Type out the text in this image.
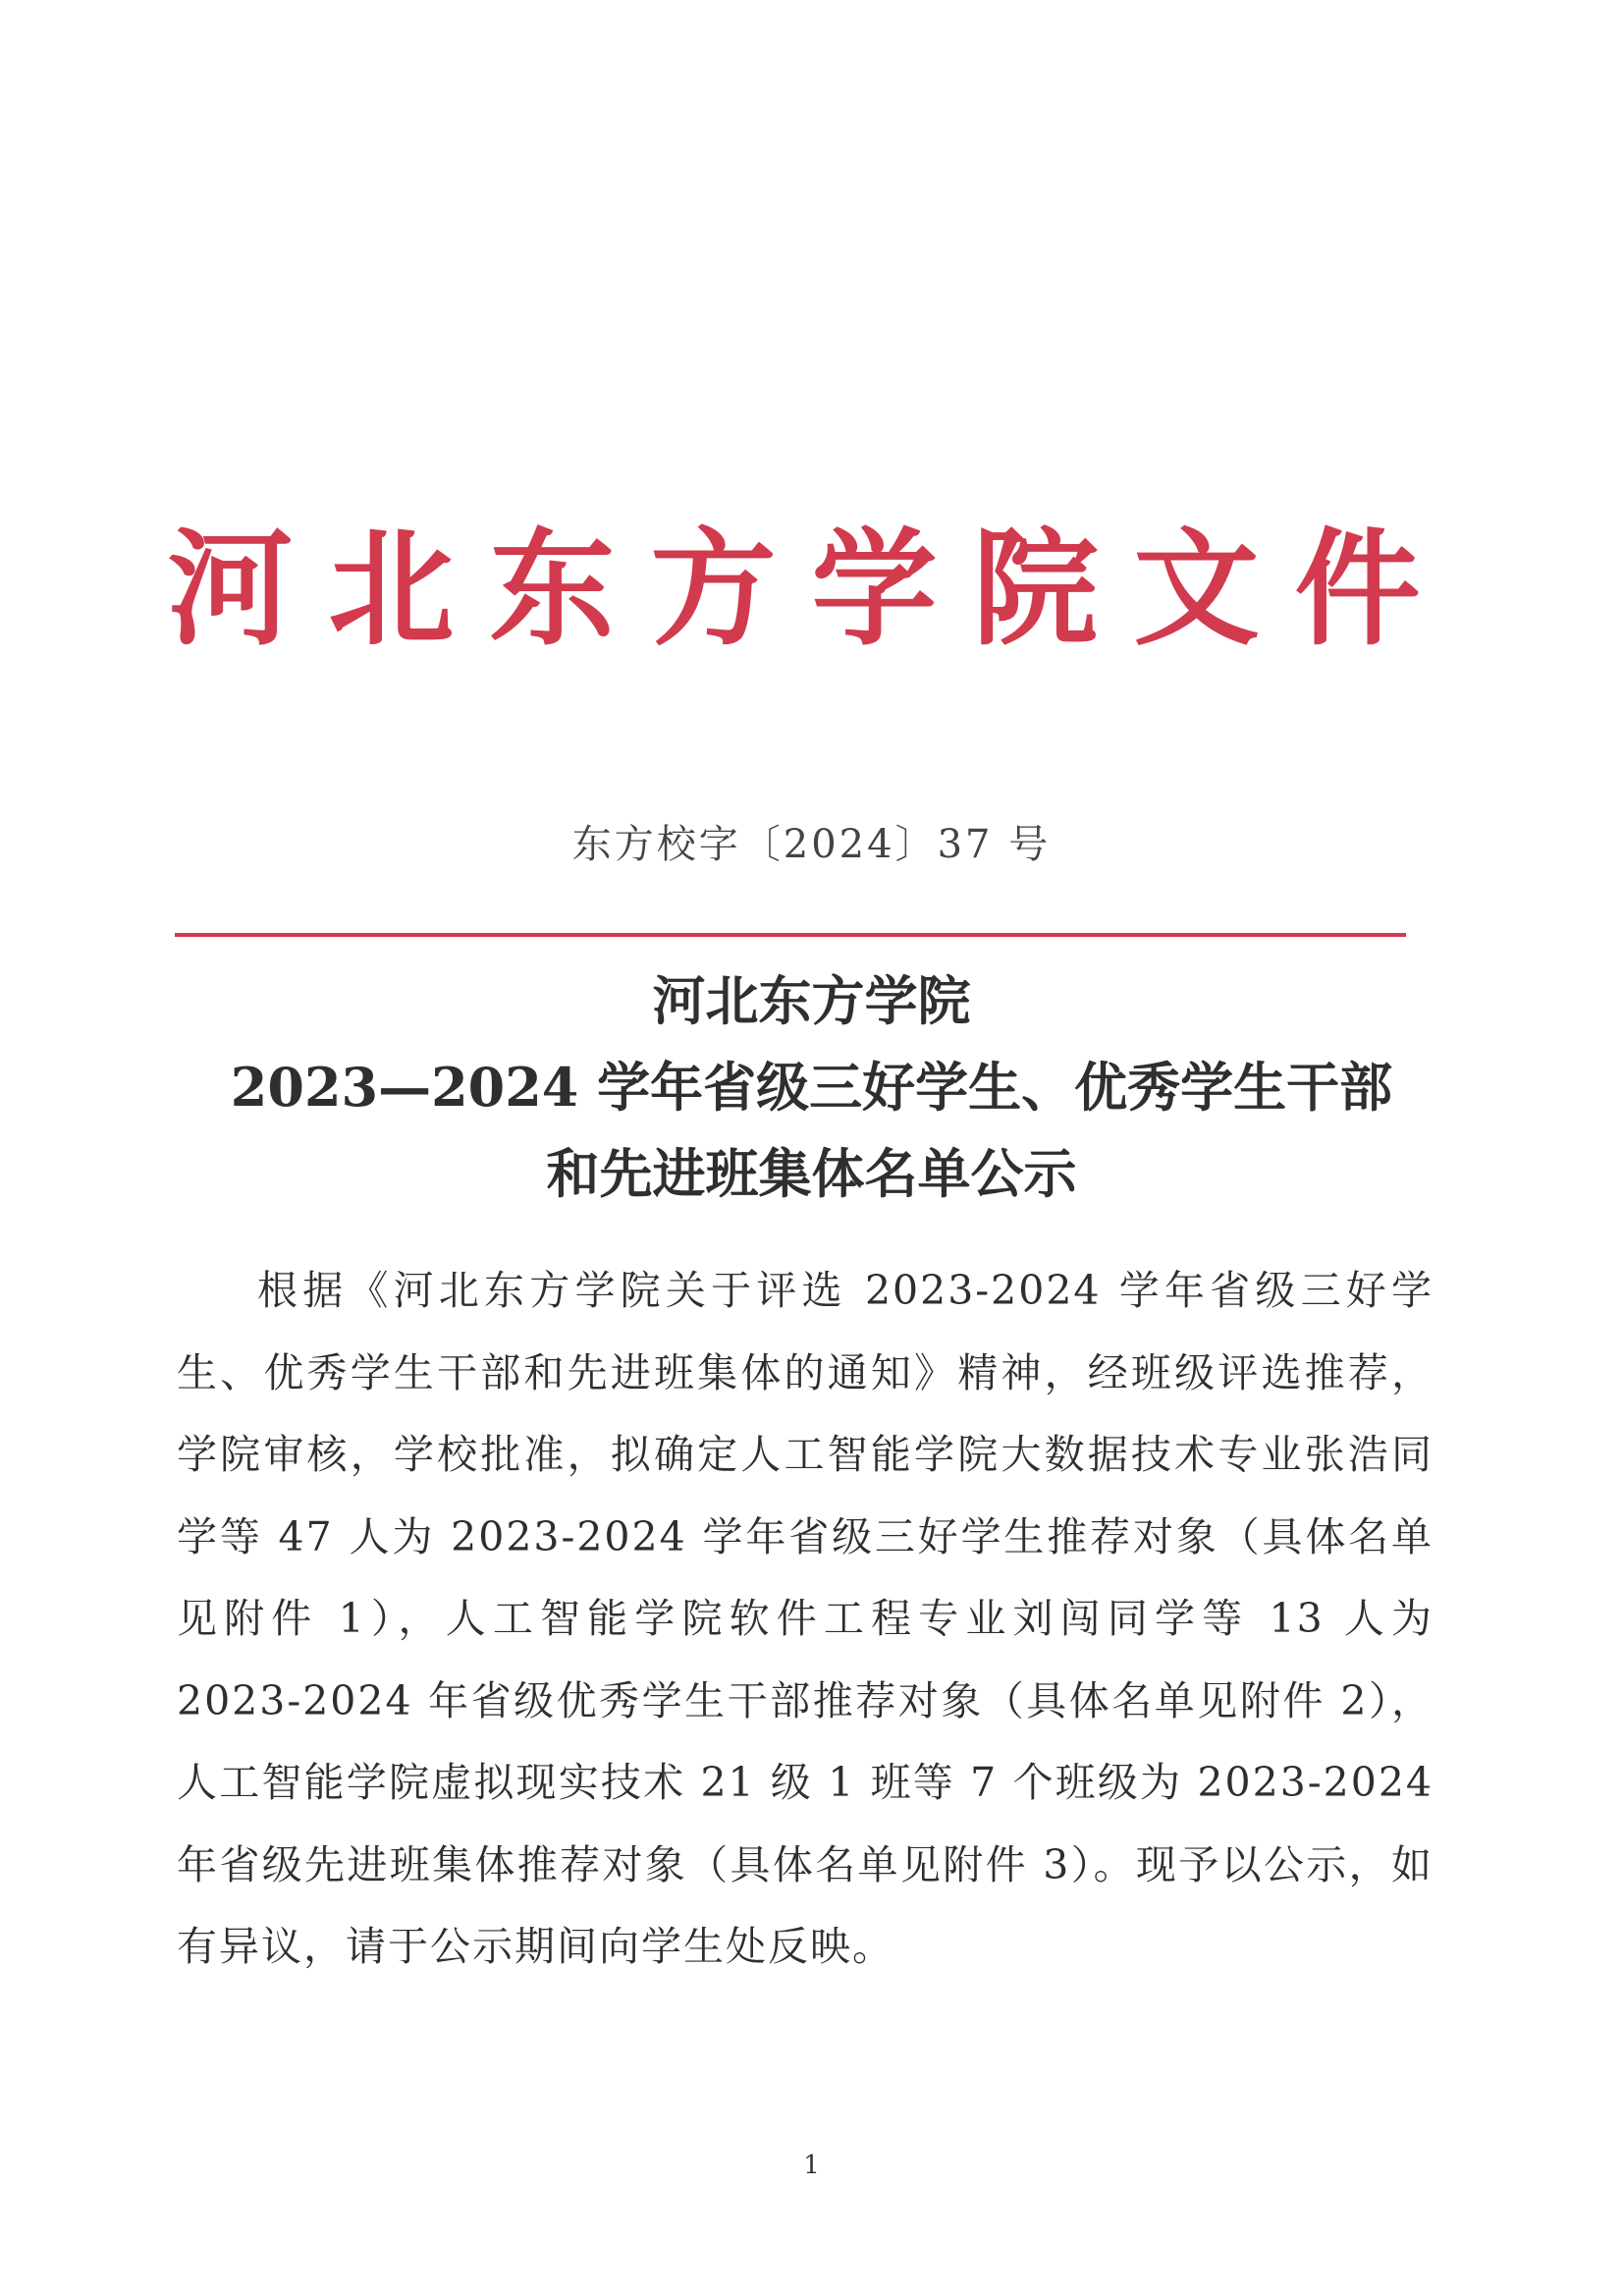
河北东方学院文件
东方校字〔2024〕37 号
河北东方学院
2023—2024 学年省级三好学生、优秀学生干部
和先进班集体名单公示
根据《河北东方学院关于评选 2023-2024 学年省级三好学生、优秀学生干部和先进班集体的通知》精神，经班级评选推荐，学院审核，学校批准，拟确定人工智能学院大数据技术专业张浩同学等 47 人为 2023-2024 学年省级三好学生推荐对象（具体名单见附件 1），人工智能学院软件工程专业刘闯同学等 13 人为 2023-2024 年省级优秀学生干部推荐对象（具体名单见附件 2），人工智能学院虚拟现实技术 21 级 1 班等 7 个班级为 2023-2024 年省级先进班集体推荐对象（具体名单见附件 3）。现予以公示，如有异议，请于公示期间向学生处反映。
1
